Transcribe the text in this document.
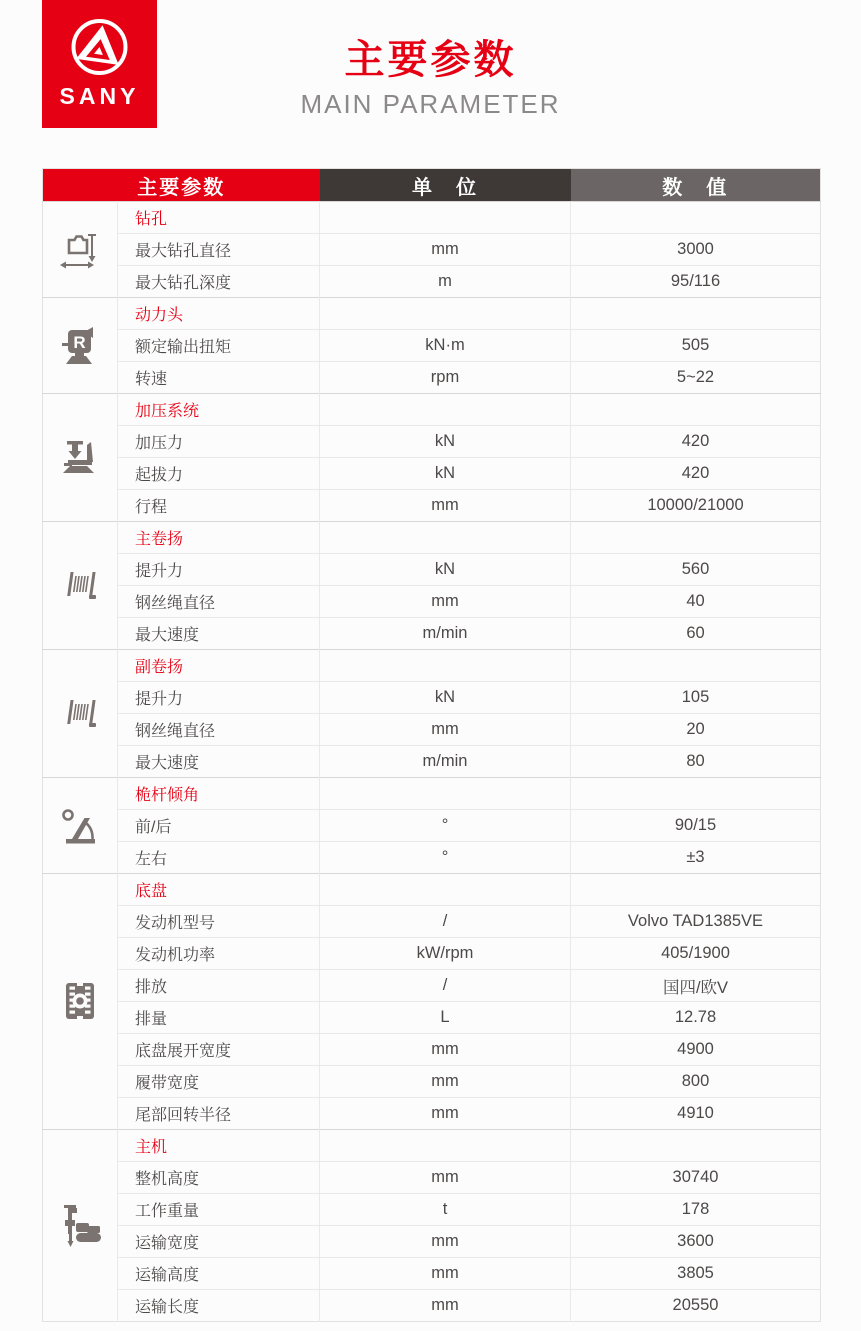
SANY
主要参数
MAIN PARAMETER
主要参数		单　位	数　值

	钻孔		
	最大钻孔直径	mm	3000
	最大钻孔深度	m	95/116

R	动力头		
	额定输出扭矩	kN·m	505
	转速	rpm	5~22

	加压系统		
	加压力	kN	420
	起拔力	kN	420
	行程	mm	10000/21000

	主卷扬		
	提升力	kN	560
	钢丝绳直径	mm	40
	最大速度	m/min	60

	副卷扬		
	提升力	kN	105
	钢丝绳直径	mm	20
	最大速度	m/min	80

	桅杆倾角		
	前/后	°	90/15
	左右	°	±3

	底盘		
	发动机型号	/	Volvo TAD1385VE
	发动机功率	kW/rpm	405/1900
	排放	/	国四/欧V
	排量	L	12.78
	底盘展开宽度	mm	4900
	履带宽度	mm	800
	尾部回转半径	mm	4910

	主机		
	整机高度	mm	30740
	工作重量	t	178
	运输宽度	mm	3600
	运输高度	mm	3805
	运输长度	mm	20550
